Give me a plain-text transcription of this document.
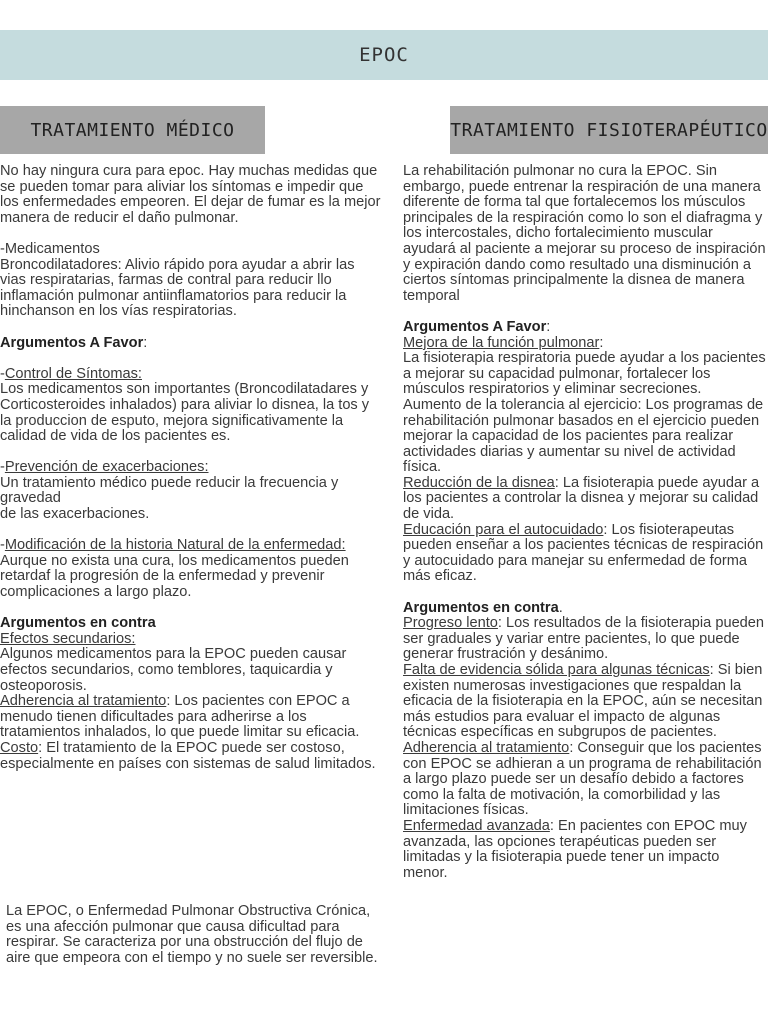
EPOC
TRATAMIENTO MÉDICO	TRATAMIENTO FISIOTERAPÉUTICO

No hay ningura cura para epoc. Hay muchas medidas que se pueden tomar para aliviar los síntomas e impedir que los enfermedades empeoren. El dejar de fumar es la mejor manera de reducir el daño pulmonar.

-Medicamentos

Broncodilatadores: Alivio rápido pora ayudar a abrir las vias respiratarias, farmas de contral para reducir llo inflamación pulmonar antiinflamatorios para reducir la hinchanson en los vías respiratorias.

Argumentos A Favor:

-Control de Síntomas:

Los medicamentos son importantes (Broncodilatadares y Corticosteroides inhalados) para aliviar lo disnea, la tos y la produccion de esputo, mejora significativamente la calidad de vida de los pacientes es.

-Prevención de exacerbaciones:

Un tratamiento médico puede reducir la frecuencia y gravedad

de las exacerbaciones.

-Modificación de la historia Natural de la enfermedad:

Aurque no exista una cura, los medicamentos pueden retardaf la progresión de la enfermedad y prevenir complicaciones a largo plazo.

Argumentos en contra

Efectos secundarios:

Algunos medicamentos para la EPOC pueden causar efectos secundarios, como temblores, taquicardia y osteoporosis.

Adherencia al tratamiento: Los pacientes con EPOC a menudo tienen dificultades para adherirse a los tratamientos inhalados, lo que puede limitar su eficacia.

Costo: El tratamiento de la EPOC puede ser costoso, especialmente en países con sistemas de salud limitados.

La EPOC, o Enfermedad Pulmonar Obstructiva Crónica, es una afección pulmonar que causa dificultad para respirar. Se caracteriza por una obstrucción del flujo de aire que empeora con el tiempo y no suele ser reversible.

La rehabilitación pulmonar no cura la EPOC. Sin embargo, puede entrenar la respiración de una manera diferente de forma tal que fortalecemos los músculos principales de la respiración como lo son el diafragma y los intercostales, dicho fortalecimiento muscular ayudará al paciente a mejorar su proceso de inspiración y expiración dando como resultado una disminución a ciertos síntomas principalmente la disnea de manera temporal

Argumentos A Favor:

Mejora de la función pulmonar:

La fisioterapia respiratoria puede ayudar a los pacientes a mejorar su capacidad pulmonar, fortalecer los músculos respiratorios y eliminar secreciones.

Aumento de la tolerancia al ejercicio: Los programas de rehabilitación pulmonar basados en el ejercicio pueden mejorar la capacidad de los pacientes para realizar actividades diarias y aumentar su nivel de actividad física.

Reducción de la disnea: La fisioterapia puede ayudar a los pacientes a controlar la disnea y mejorar su calidad de vida.

Educación para el autocuidado: Los fisioterapeutas pueden enseñar a los pacientes técnicas de respiración y autocuidado para manejar su enfermedad de forma más eficaz.

Argumentos en contra.

Progreso lento: Los resultados de la fisioterapia pueden ser graduales y variar entre pacientes, lo que puede generar frustración y desánimo.

Falta de evidencia sólida para algunas técnicas: Si bien existen numerosas investigaciones que respaldan la eficacia de la fisioterapia en la EPOC, aún se necesitan más estudios para evaluar el impacto de algunas técnicas específicas en subgrupos de pacientes.

Adherencia al tratamiento: Conseguir que los pacientes con EPOC se adhieran a un programa de rehabilitación a largo plazo puede ser un desafío debido a factores como la falta de motivación, la comorbilidad y las limitaciones físicas.

Enfermedad avanzada: En pacientes con EPOC muy avanzada, las opciones terapéuticas pueden ser limitadas y la fisioterapia puede tener un impacto menor.
